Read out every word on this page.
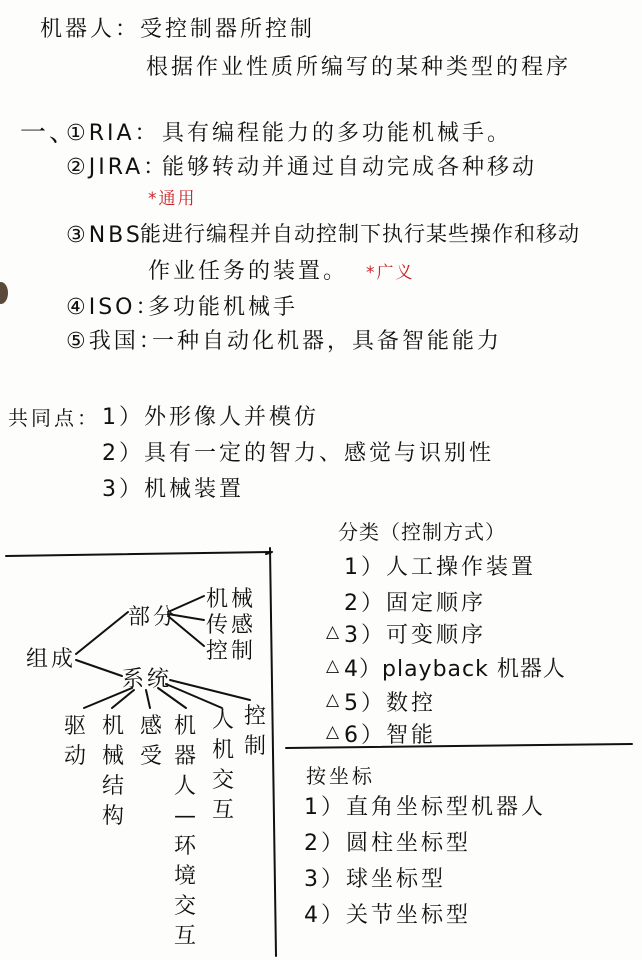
机器人：受控制器所控制
根据作业性质所编写的某种类型的程序
一、
①RIA： 具有编程能力的多功能机械手。
②JIRA：
能够转动并通过自动完成各种移动
*通用
③NBS：
能进行编程并自动控制下执行某些操作和移动
作业任务的装置。 *广义
④ISO：
多功能机械手
⑤我国：
一种自动化机器，具备智能能力
共同点： 1）外形像人并模仿
2）具有一定的智力、感觉与识别性
3）机械装置
组成
部分
机械
传感
控制
系统
驱动
机械结构
感受
机器人—环境交互
人机交互
控制
分类（控制方式）
1）人工操作装置
2）固定顺序
△ 3）可变顺序
△ 4）playback 机器人
△ 5）数控
△ 6）智能
按坐标
1）直角坐标型机器人
2）圆柱坐标型
3）球坐标型
4）关节坐标型
